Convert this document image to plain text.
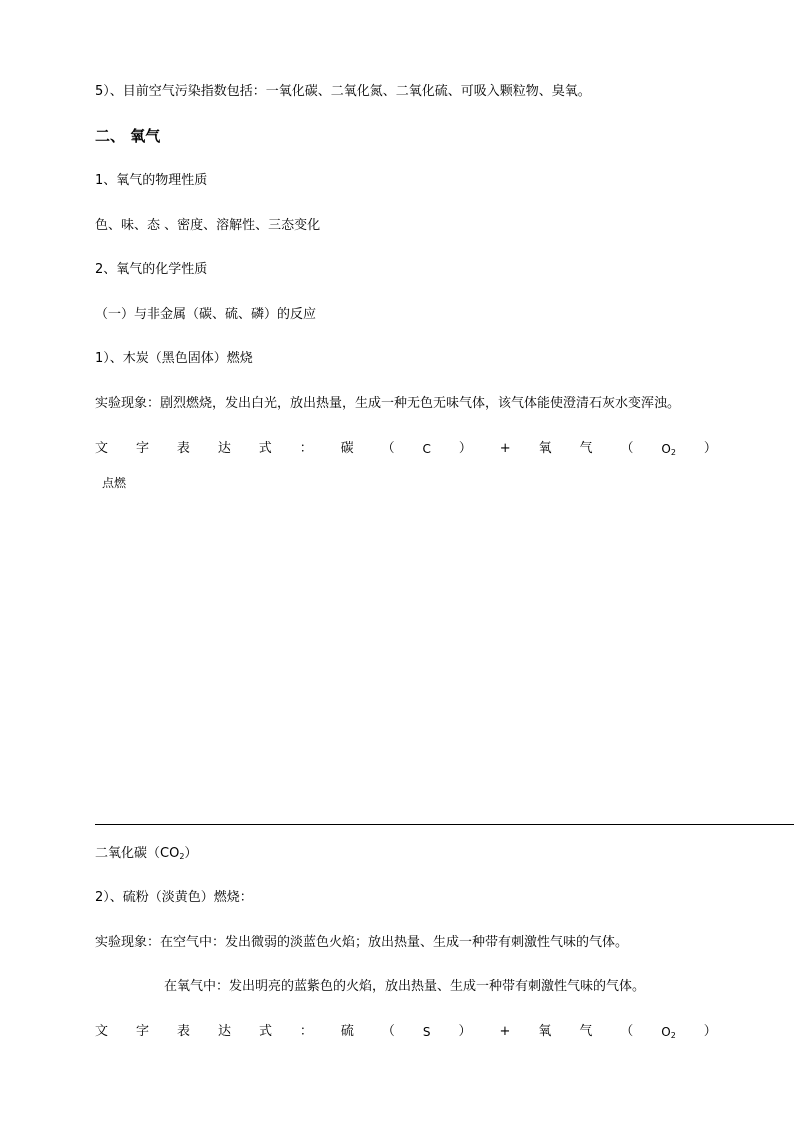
5）、目前空气污染指数包括：一氧化碳、二氧化氮、二氧化硫、可吸入颗粒物、臭氧。
二、 氧气
1、氧气的物理性质
色、味、态 、密度、溶解性、三态变化
2、氧气的化学性质
（一）与非金属（碳、硫、磷）的反应
1）、木炭（黑色固体）燃烧
实验现象：剧烈燃烧，发出白光，放出热量，生成一种无色无味气体，该气体能使澄清石灰水变浑浊。
文 字 表 达 式 ： 碳 （ C ） + 氧 气 （ $O_2$ ）
点燃
二氧化碳$(CO_2)$
2）、硫粉（淡黄色）燃烧：
实验现象：在空气中：发出微弱的淡蓝色火焰；放出热量、生成一种带有刺激性气味的气体。
在氧气中：发出明亮的蓝紫色的火焰，放出热量、生成一种带有刺激性气味的气体。
文 字 表 达 式 ： 硫 （ S ） + 氧 气 （ $O_2$ ）
